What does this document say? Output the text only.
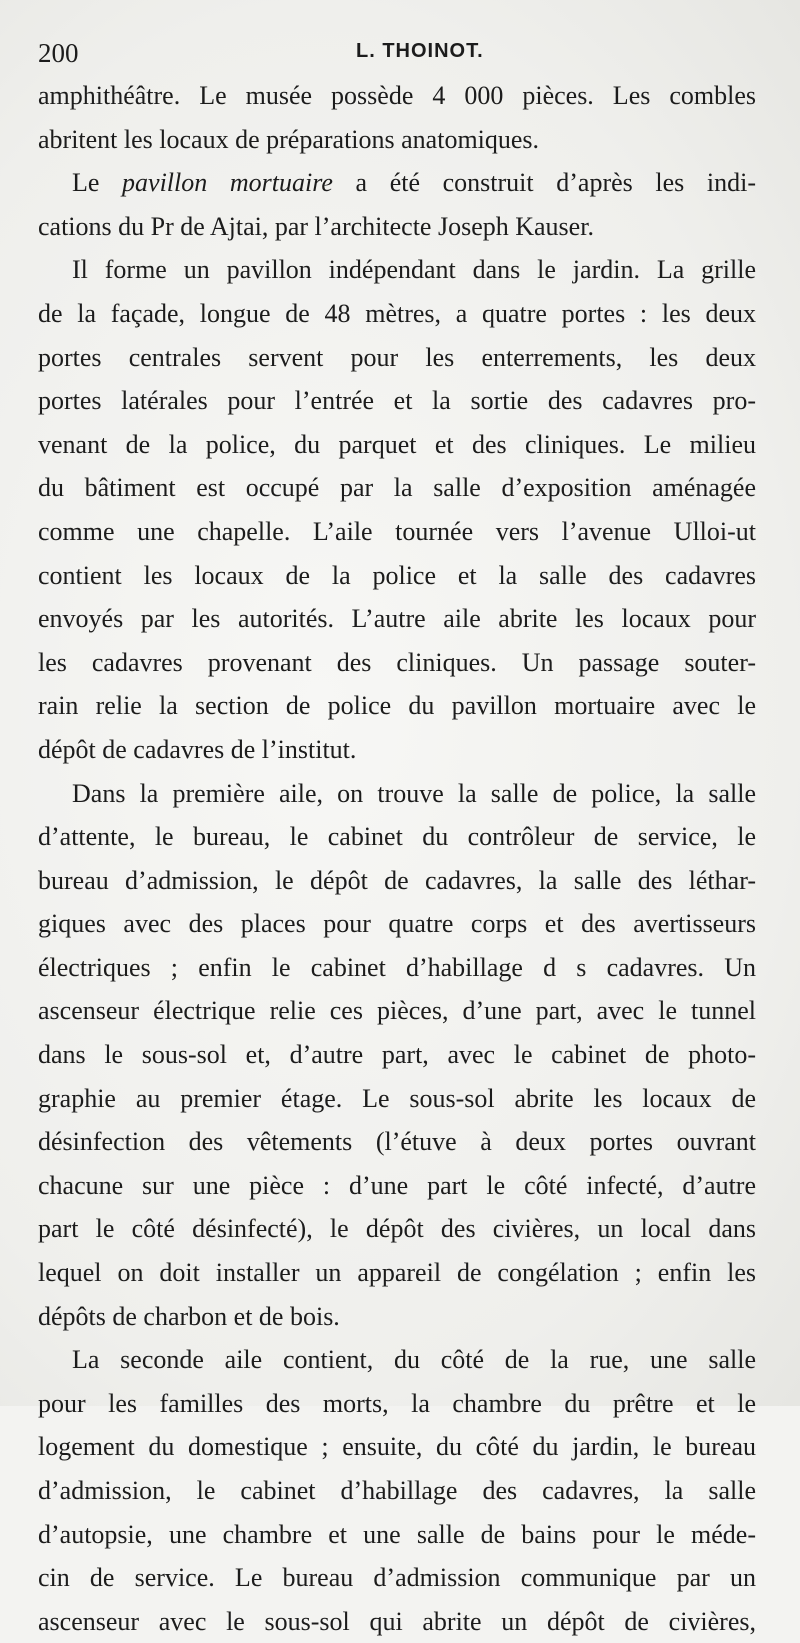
200	L. THOINOT.
amphithéâtre. Le musée possède 4 000 pièces. Les combles
abritent les locaux de préparations anatomiques.
Le pavillon mortuaire a été construit d’après les indi-
cations du Pr de Ajtai, par l’architecte Joseph Kauser.
Il forme un pavillon indépendant dans le jardin. La grille
de la façade, longue de 48 mètres, a quatre portes : les deux
portes centrales servent pour les enterrements, les deux
portes latérales pour l’entrée et la sortie des cadavres pro-
venant de la police, du parquet et des cliniques. Le milieu
du bâtiment est occupé par la salle d’exposition aménagée
comme une chapelle. L’aile tournée vers l’avenue Ulloi-ut
contient les locaux de la police et la salle des cadavres
envoyés par les autorités. L’autre aile abrite les locaux pour
les cadavres provenant des cliniques. Un passage souter-
rain relie la section de police du pavillon mortuaire avec le
dépôt de cadavres de l’institut.
Dans la première aile, on trouve la salle de police, la salle
d’attente, le bureau, le cabinet du contrôleur de service, le
bureau d’admission, le dépôt de cadavres, la salle des léthar-
giques avec des places pour quatre corps et des avertisseurs
électriques ; enfin le cabinet d’habillage d s cadavres. Un
ascenseur électrique relie ces pièces, d’une part, avec le tunnel
dans le sous-sol et, d’autre part, avec le cabinet de photo-
graphie au premier étage. Le sous-sol abrite les locaux de
désinfection des vêtements (l’étuve à deux portes ouvrant
chacune sur une pièce : d’une part le côté infecté, d’autre
part le côté désinfecté), le dépôt des civières, un local dans
lequel on doit installer un appareil de congélation ; enfin les
dépôts de charbon et de bois.
La seconde aile contient, du côté de la rue, une salle
pour les familles des morts, la chambre du prêtre et le
logement du domestique ; ensuite, du côté du jardin, le bureau
d’admission, le cabinet d’habillage des cadavres, la salle
d’autopsie, une chambre et une salle de bains pour le méde-
cin de service. Le bureau d’admission communique par un
ascenseur avec le sous-sol qui abrite un dépôt de civières,
